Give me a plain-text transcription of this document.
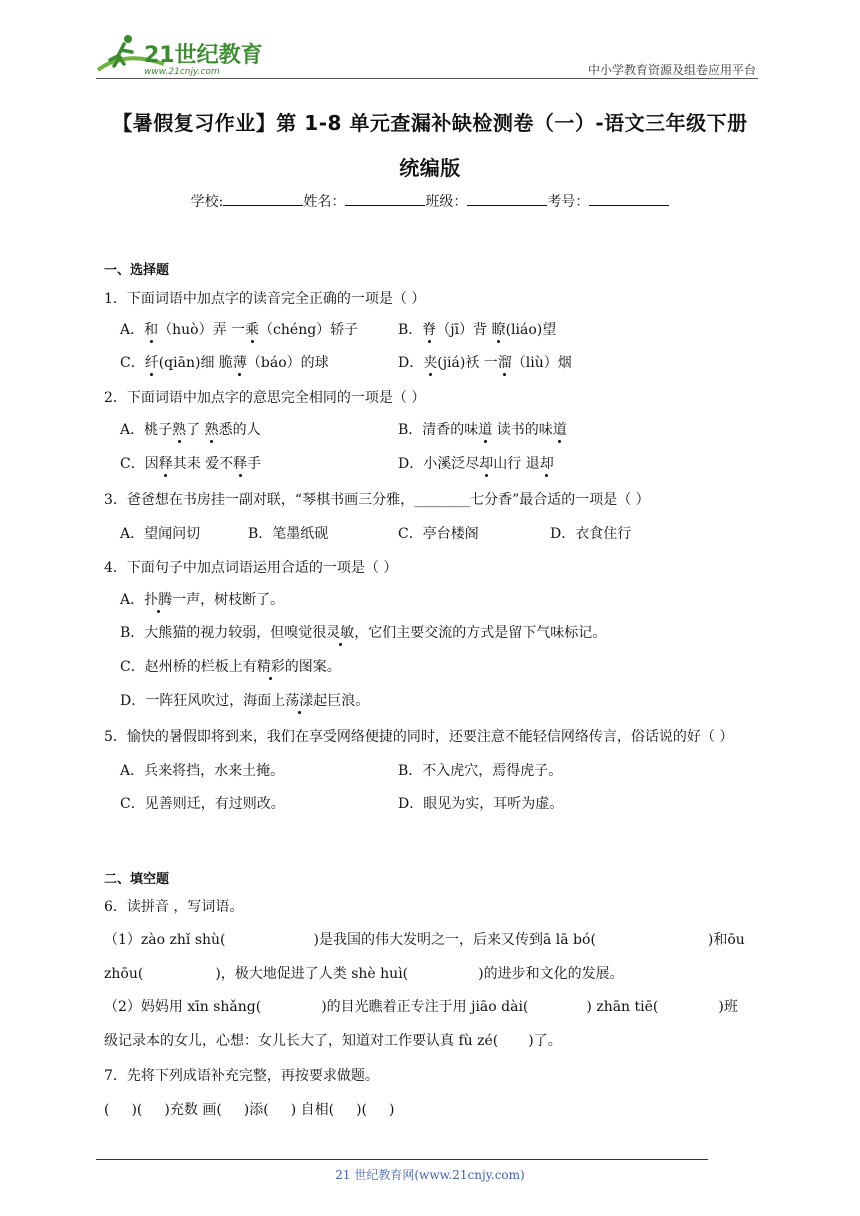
21世纪教育
www.21cnjy.com	中小学教育资源及组卷应用平台
【暑假复习作业】第 1-8 单元查漏补缺检测卷（一）-语文三年级下册
统编版
学校:	姓名：	班级：	考号：
一、选择题
1．下面词语中加点字的读音完全正确的一项是（ ）
A．和（huò）弄 一乘（chéng）轿子	B．脊（jī）背 瞭(liáo)望
C．纤(qiān)细 脆薄（báo）的球	D．夹(jiá)袄 一溜（liù）烟
2．下面词语中加点字的意思完全相同的一项是（ ）
A．桃子熟了 熟悉的人	B．清香的味道 读书的味道
C．因释其耒 爱不释手	D．小溪泛尽却山行 退却
3．爸爸想在书房挂一副对联，“琴棋书画三分雅，________七分香”最合适的一项是（ ）
A．望闻问切	B．笔墨纸砚	C．亭台楼阁	D．衣食住行
4．下面句子中加点词语运用合适的一项是（ ）
A．扑腾一声，树枝断了。
B．大熊猫的视力较弱，但嗅觉很灵敏，它们主要交流的方式是留下气味标记。
C．赵州桥的栏板上有精彩的图案。
D．一阵狂风吹过，海面上荡漾起巨浪。
5．愉快的暑假即将到来，我们在享受网络便捷的同时，还要注意不能轻信网络传言，俗话说的好（ ）
A．兵来将挡，水来土掩。	B．不入虎穴，焉得虎子。
C．见善则迁，有过则改。	D．眼见为实，耳听为虚。
二、填空题
6．读拼音 ，写词语。
（1）zào zhǐ shù(	)是我国的伟大发明之一，后来又传到ā lā bó(	)和ōu
zhōu(	)，极大地促进了人类 shè huì(	)的进步和文化的发展。
（2）妈妈用 xīn shǎng(	)的目光瞧着正专注于用 jiāo dài(	) zhān tiē(	)班
级记录本的女儿，心想：女儿长大了，知道对工作要认真 fù zé( )了。
7．先将下列成语补充完整，再按要求做题。
( )( )充数 画( )添( ) 自相( )( )
21 世纪教育网(www.21cnjy.com)
